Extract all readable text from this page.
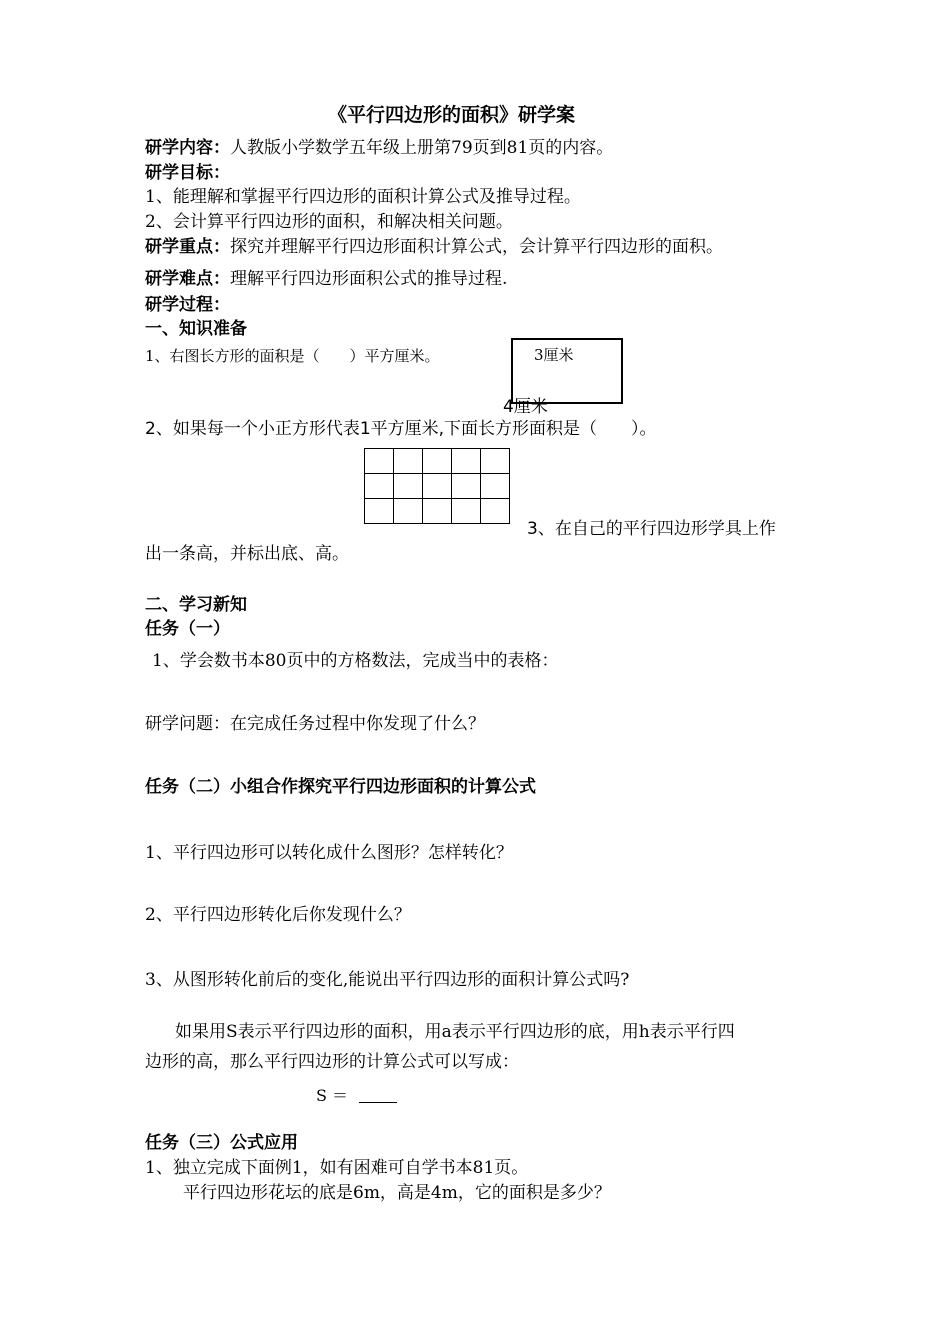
《平行四边形的面积》研学案
研学内容：人教版小学数学五年级上册第79页到81页的内容。
研学目标：
1、能理解和掌握平行四边形的面积计算公式及推导过程。
2、会计算平行四边形的面积，和解决相关问题。
研学重点：探究并理解平行四边形面积计算公式，会计算平行四边形的面积。
研学难点：理解平行四边形面积公式的推导过程.
研学过程：
一、知识准备
1、右图长方形的面积是（　　）平方厘米。	3厘米
4厘米
2、如果每一个小正方形代表1平方厘米,下面长方形面积是（　　）。

3、在自己的平行四边形学具上作
出一条高，并标出底、高。
二、学习新知
任务（一）
1、学会数书本80页中的方格数法，完成当中的表格：
研学问题：在完成任务过程中你发现了什么？
任务（二）小组合作探究平行四边形面积的计算公式
1、平行四边形可以转化成什么图形？怎样转化？
2、平行四边形转化后你发现什么？
3、从图形转化前后的变化,能说出平行四边形的面积计算公式吗?
如果用S表示平行四边形的面积，用a表示平行四边形的底，用h表示平行四
边形的高，那么平行四边形的计算公式可以写成：
S ＝
任务（三）公式应用
1、独立完成下面例1，如有困难可自学书本81页。
平行四边形花坛的底是6m，高是4m，它的面积是多少？
